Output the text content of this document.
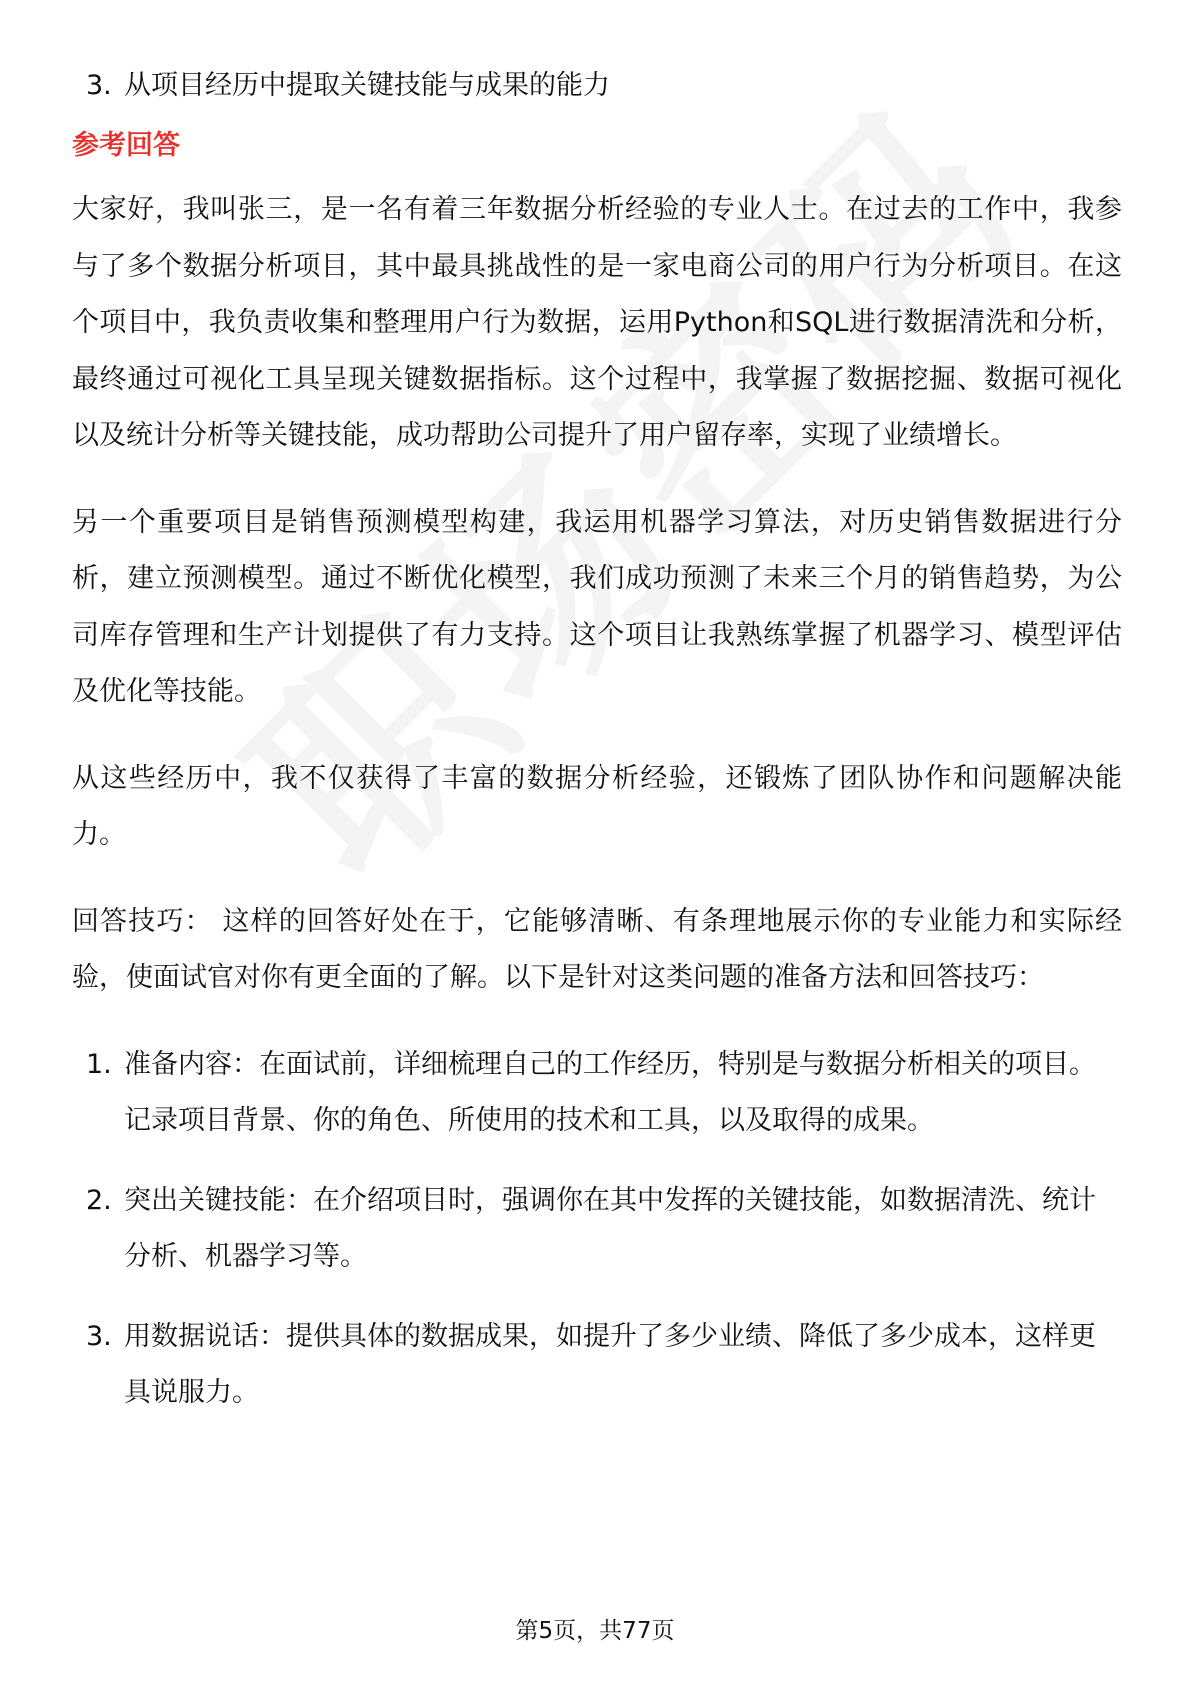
3. 从项目经历中提取关键技能与成果的能力
参考回答

大家好，我叫张三，是一名有着三年数据分析经验的专业人士。在过去的工作中，我参与了多个数据分析项目，其中最具挑战性的是一家电商公司的用户行为分析项目。在这个项目中，我负责收集和整理用户行为数据，运用Python和SQL进行数据清洗和分析，最终通过可视化工具呈现关键数据指标。这个过程中，我掌握了数据挖掘、数据可视化以及统计分析等关键技能，成功帮助公司提升了用户留存率，实现了业绩增长。

另一个重要项目是销售预测模型构建，我运用机器学习算法，对历史销售数据进行分析，建立预测模型。通过不断优化模型，我们成功预测了未来三个月的销售趋势，为公司库存管理和生产计划提供了有力支持。这个项目让我熟练掌握了机器学习、模型评估及优化等技能。

从这些经历中，我不仅获得了丰富的数据分析经验，还锻炼了团队协作和问题解决能力。

回答技巧： 这样的回答好处在于，它能够清晰、有条理地展示你的专业能力和实际经验，使面试官对你有更全面的了解。以下是针对这类问题的准备方法和回答技巧：

1. 准备内容：在面试前，详细梳理自己的工作经历，特别是与数据分析相关的项目。记录项目背景、你的角色、所使用的技术和工具，以及取得的成果。
2. 突出关键技能：在介绍项目时，强调你在其中发挥的关键技能，如数据清洗、统计分析、机器学习等。
3. 用数据说话：提供具体的数据成果，如提升了多少业绩、降低了多少成本，这样更具说服力。
第5页，共77页
